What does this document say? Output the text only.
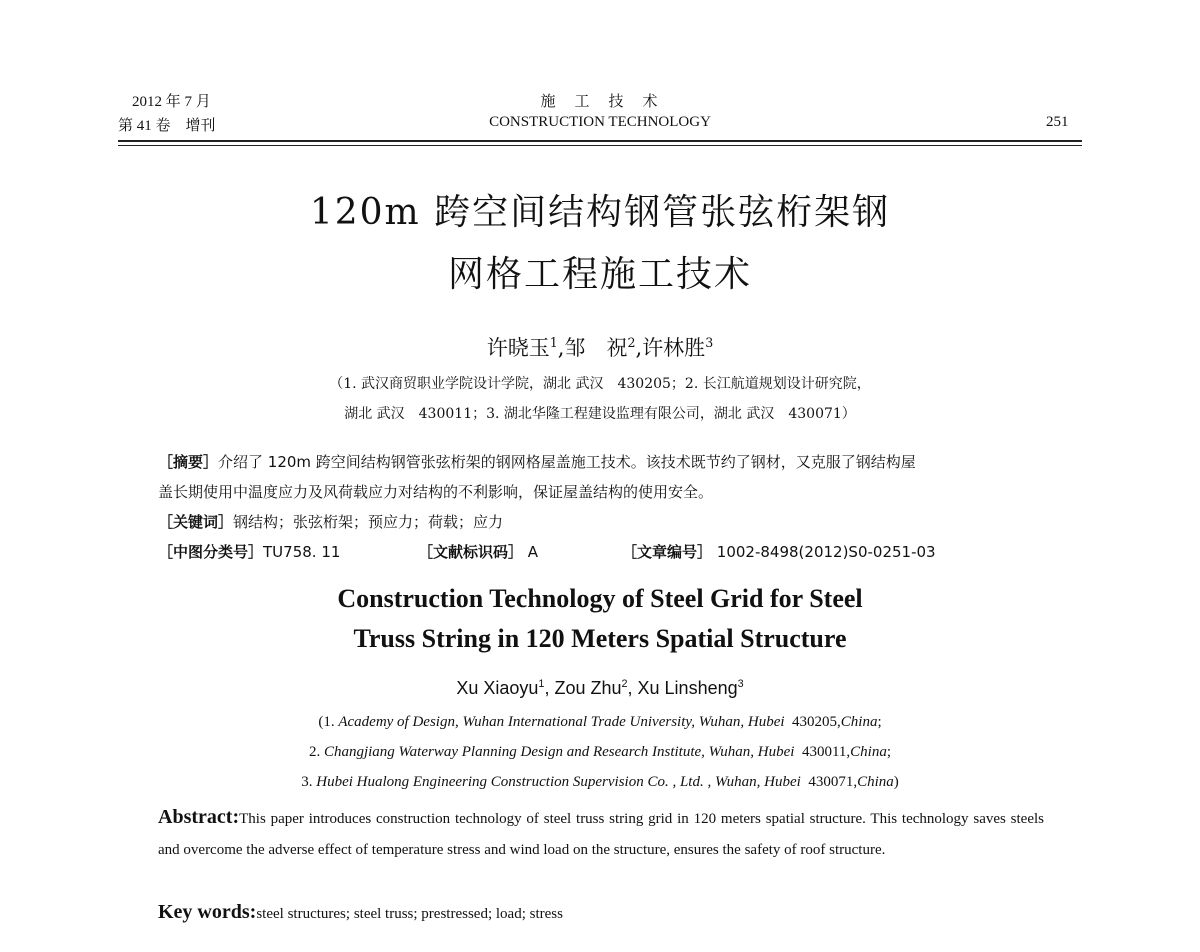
2012 年 7 月
第 41 卷　增刊
施　工　技　术
CONSTRUCTION TECHNOLOGY	251
120m 跨空间结构钢管张弦桁架钢
网格工程施工技术
许晓玉$^1$,邹　祝$^2$,许林胜$^3$
（1. 武汉商贸职业学院设计学院，湖北 武汉　430205；2. 长江航道规划设计研究院，
湖北 武汉　430011；3. 湖北华隆工程建设监理有限公司，湖北 武汉　430071）
［摘要］介绍了 120m 跨空间结构钢管张弦桁架的钢网格屋盖施工技术。该技术既节约了钢材，又克服了钢结构屋
盖长期使用中温度应力及风荷载应力对结构的不利影响，保证屋盖结构的使用安全。
［关键词］钢结构；张弦桁架；预应力；荷载；应力
［中图分类号］TU758. 11	［文献标识码］ A	［文章编号］ 1002-8498(2012)S0-0251-03
Construction Technology of Steel Grid for Steel
Truss String in 120 Meters Spatial Structure
Xu Xiaoyu$^1$, Zou Zhu$^2$, Xu Linsheng$^3$
(1. Academy of Design, Wuhan International Trade University, Wuhan, Hubei 430205,China;
2. Changjiang Waterway Planning Design and Research Institute, Wuhan, Hubei 430011,China;
3. Hubei Hualong Engineering Construction Supervision Co. , Ltd. , Wuhan, Hubei 430071,China)
Abstract:This paper introduces construction technology of steel truss string grid in 120 meters spatial structure. This technology saves steels and overcome the adverse effect of temperature stress and wind load on the structure, ensures the safety of roof structure.
Key words:steel structures; steel truss; prestressed; load; stress
